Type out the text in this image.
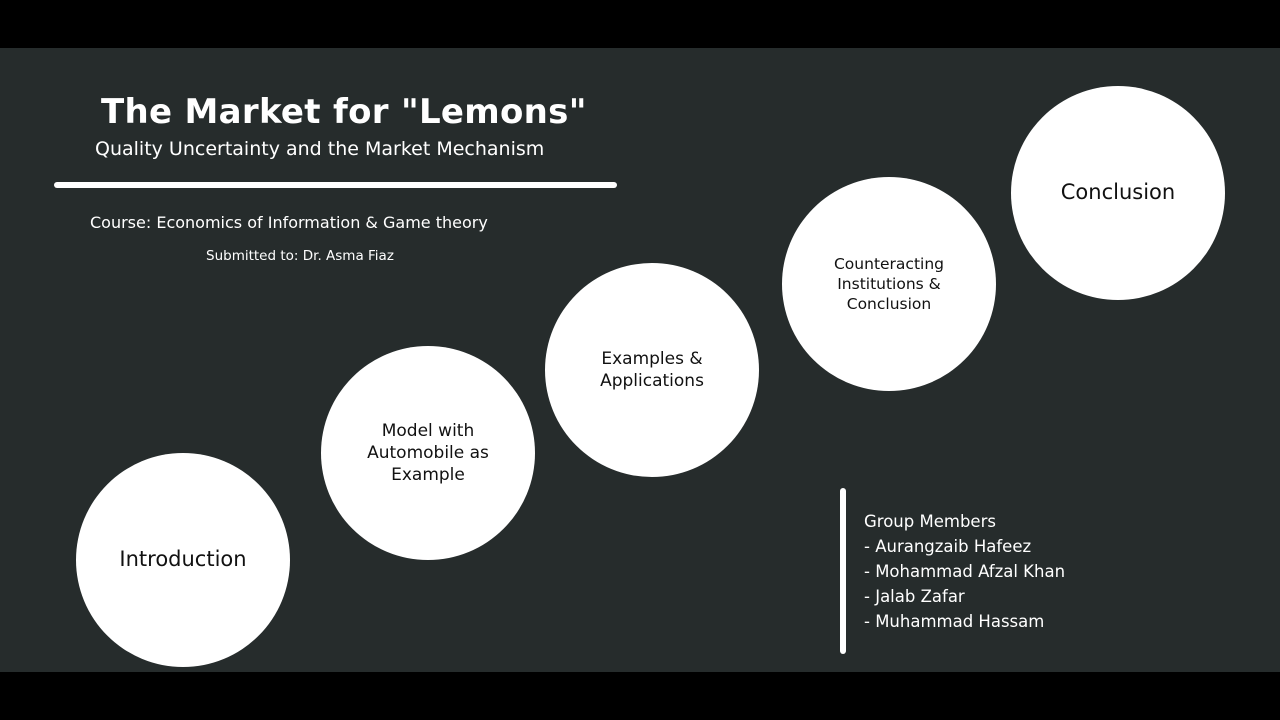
The Market for "Lemons"
Quality Uncertainty and the Market Mechanism
Course: Economics of Information & Game theory
Submitted to: Dr. Asma Fiaz
Introduction
Model with Automobile as Example
Examples & Applications
Counteracting Institutions & Conclusion
Conclusion
Group Members
- Aurangzaib Hafeez
- Mohammad Afzal Khan
- Jalab Zafar
- Muhammad Hassam
